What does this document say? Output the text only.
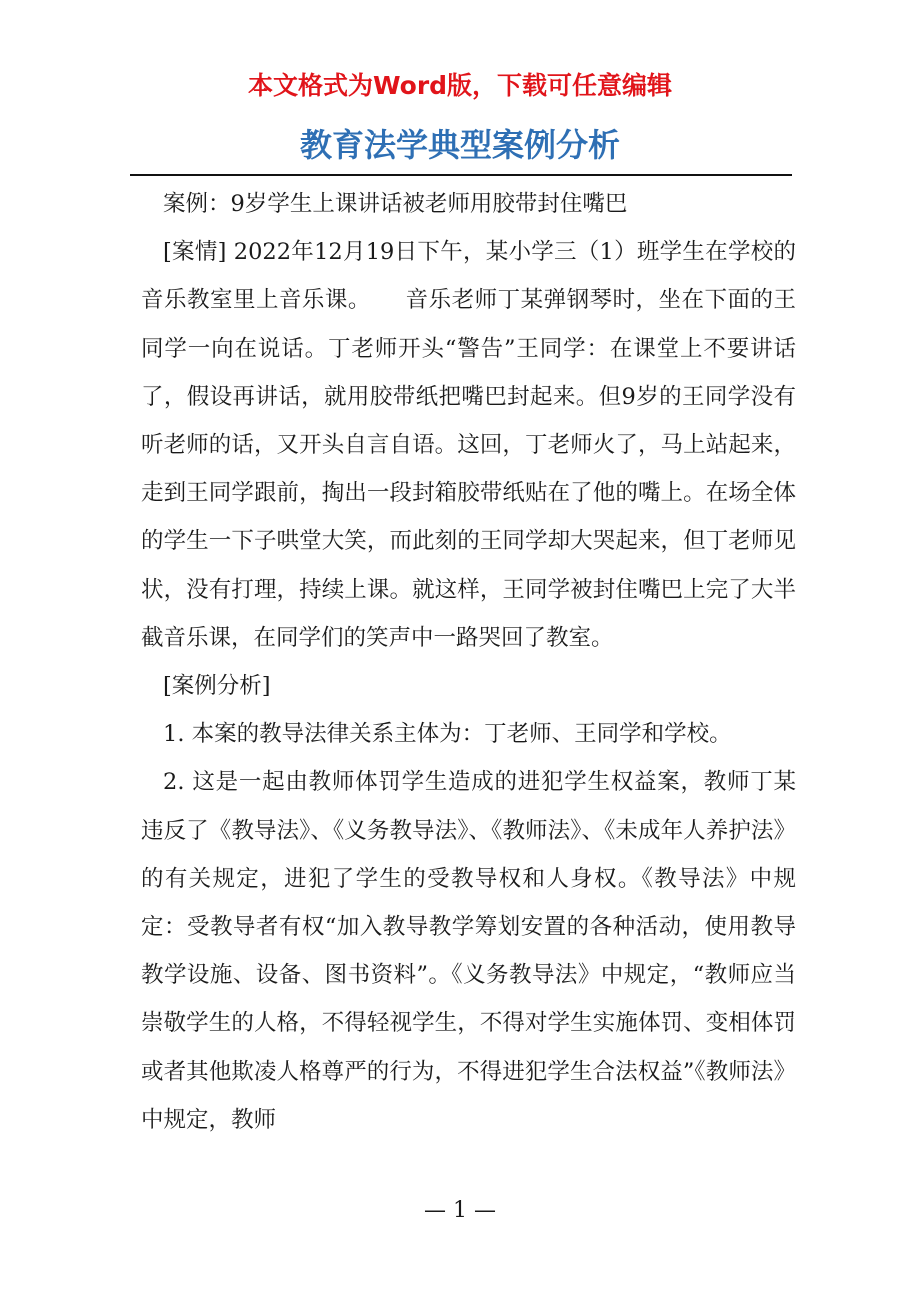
本文格式为Word版，下载可任意编辑
教育法学典型案例分析

案例：9岁学生上课讲话被老师用胶带封住嘴巴

[案情] 2022年12月19日下午，某小学三（1）班学生在学校的音乐教室里上音乐课。　　音乐老师丁某弹钢琴时，坐在下面的王同学一向在说话。丁老师开头“警告”王同学：在课堂上不要讲话了，假设再讲话，就用胶带纸把嘴巴封起来。但9岁的王同学没有听老师的话，又开头自言自语。这回，丁老师火了，马上站起来，走到王同学跟前，掏出一段封箱胶带纸贴在了他的嘴上。在场全体的学生一下子哄堂大笑，而此刻的王同学却大哭起来，但丁老师见状，没有打理，持续上课。就这样，王同学被封住嘴巴上完了大半截音乐课，在同学们的笑声中一路哭回了教室。

[案例分析]

1. 本案的教导法律关系主体为：丁老师、王同学和学校。

2. 这是一起由教师体罚学生造成的进犯学生权益案，教师丁某违反了《教导法》、《义务教导法》、《教师法》、《未成年人养护法》的有关规定，进犯了学生的受教导权和人身权。《教导法》中规定：受教导者有权“加入教导教学筹划安置的各种活动，使用教导教学设施、设备、图书资料”。《义务教导法》中规定，“教师应当崇敬学生的人格，不得轻视学生，不得对学生实施体罚、变相体罚或者其他欺凌人格尊严的行为，不得进犯学生合法权益”《教师法》中规定，教师

— 1 —
